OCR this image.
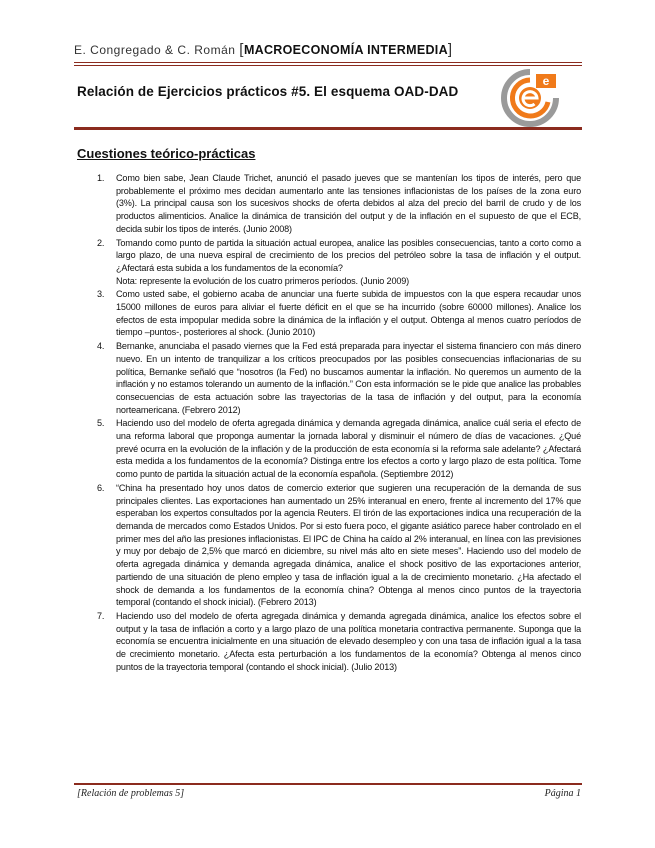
E. Congregado & C. Román [MACROECONOMÍA INTERMEDIA]
Relación de Ejercicios prácticos #5. El esquema OAD-DAD
e
Cuestiones teórico-prácticas
1. Como bien sabe, Jean Claude Trichet, anunció el pasado jueves que se mantenían los tipos de interés, pero que probablemente el próximo mes decidan aumentarlo ante las tensiones inflacionistas de los países de la zona euro (3%). La principal causa son los sucesivos shocks de oferta debidos al alza del precio del barril de crudo y de los productos alimenticios. Analice la dinámica de transición del output y de la inflación en el supuesto de que el ECB, decida subir los tipos de interés. (Junio 2008)
2. Tomando como punto de partida la situación actual europea, analice las posibles consecuencias, tanto a corto como a largo plazo, de una nueva espiral de crecimiento de los precios del petróleo sobre la tasa de inflación y el output. ¿Afectará esta subida a los fundamentos de la economía?
Nota: represente la evolución de los cuatro primeros períodos. (Junio 2009)
3. Como usted sabe, el gobierno acaba de anunciar una fuerte subida de impuestos con la que espera recaudar unos 15000 millones de euros para aliviar el fuerte déficit en el que se ha incurrido (sobre 60000 millones). Analice los efectos de esta impopular medida sobre la dinámica de la inflación y el output. Obtenga al menos cuatro períodos de tiempo –puntos-, posteriores al shock. (Junio 2010)
4. Bernanke, anunciaba el pasado viernes que la Fed está preparada para inyectar el sistema financiero con más dinero nuevo. En un intento de tranquilizar a los críticos preocupados por las posibles consecuencias inflacionarias de su política, Bernanke señaló que “nosotros (la Fed) no buscamos aumentar la inflación. No queremos un aumento de la inflación y no estamos tolerando un aumento de la inflación.” Con esta información se le pide que analice las probables consecuencias de esta actuación sobre las trayectorias de la tasa de inflación y del output, para la economía norteamericana. (Febrero 2012)
5. Haciendo uso del modelo de oferta agregada dinámica y demanda agregada dinámica, analice cuál seria el efecto de una reforma laboral que proponga aumentar la jornada laboral y disminuir el número de días de vacaciones. ¿Qué prevé ocurra en la evolución de la inflación y de la producción de esta economía si la reforma sale adelante? ¿Afectará esta medida a los fundamentos de la economía? Distinga entre los efectos a corto y largo plazo de esta política. Tome como punto de partida la situación actual de la economía española. (Septiembre 2012)
6. “China ha presentado hoy unos datos de comercio exterior que sugieren una recuperación de la demanda de sus principales clientes. Las exportaciones han aumentado un 25% interanual en enero, frente al incremento del 17% que esperaban los expertos consultados por la agencia Reuters. El tirón de las exportaciones indica una recuperación de la demanda de mercados como Estados Unidos. Por si esto fuera poco, el gigante asiático parece haber controlado en el primer mes del año las presiones inflacionistas. El IPC de China ha caído al 2% interanual, en línea con las previsiones y muy por debajo de 2,5% que marcó en diciembre, su nivel más alto en siete meses”. Haciendo uso del modelo de oferta agregada dinámica y demanda agregada dinámica, analice el shock positivo de las exportaciones anterior, partiendo de una situación de pleno empleo y tasa de inflación igual a la de crecimiento monetario. ¿Ha afectado el shock de demanda a los fundamentos de la economía china? Obtenga al menos cinco puntos de la trayectoria temporal (contando el shock inicial). (Febrero 2013)
7. Haciendo uso del modelo de oferta agregada dinámica y demanda agregada dinámica, analice los efectos sobre el output y la tasa de inflación a corto y a largo plazo de una política monetaria contractiva permanente. Suponga que la economía se encuentra inicialmente en una situación de elevado desempleo y con una tasa de inflación igual a la tasa de crecimiento monetario. ¿Afecta esta perturbación a los fundamentos de la economía? Obtenga al menos cinco puntos de la trayectoria temporal (contando el shock inicial). (Julio 2013)
[Relación de problemas 5]	Página 1
